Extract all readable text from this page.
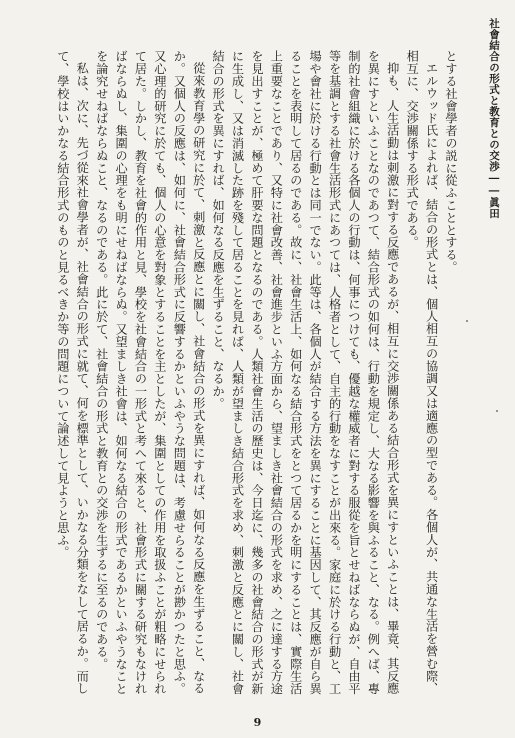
社會結合の形式と教育との交渉――眞田

とする社會學者の説に從ふこととする。

エルウッド氏によれば、結合の形式とは、個人相互の協調又は適應の型である。各個人が、共通な生活を營む際、相互に、交渉關係する形式である。

抑も、人生活動は刺激に對する反應であるが、相互に交渉關係ある結合形式を異にすといふことは、畢竟、其反應を異にすといふことなのであつて、結合形式の如何は、行動を規定し、大なる影響を與ふること、なる。例へば、專制的社會組織に於ける各個人の行動は、何事につけても、優越な權威者に對する服從を旨とせねばならぬが、自由平等を基調とする社會生活形式にあつては、人格者として、自主的行動をなすことが出來る。家庭に於ける行動と、工場や會社に於ける行動とは同一でない。此等は、各個人が結合する方法を異にすることに基因して、其反應が自ら異ることを表明して居るのである。故に、社會生活上、如何なる結合形式をとつて居るかを明にすることは、實際生活上重要なことであり、又特に社會改善、社會進步といふ方面から、望ましき社會結合の形式を求め、之に達する方途を見出すことが、極めて肝要な問題となるのである。人類社會生活の歷史は、今日迄に、幾多の社會結合の形式が新に生成し、又は消滅した跡を殘して居ることを見れば、人類が望ましき結合形式を求め、刺激と反應とに關し、社會結合の形式を異にすれば、如何なる反應を生ずること、なるか。

從來教育學の研究に於て、刺激と反應とに關し、社會結合の形式を異にすれば、如何なる反應を生ずること、なるか。又個人の反應は、如何に、社會結合形式に反響するかといふやうな問題は、考慮せらることが尠かつたと思ふ。又心理的研究に於ても、個人の心意を對象とすることを主としたが、集圍としての作用を取扱ふことが粗略にせられて居た。しかし、教育を社會的作用と見、學校を社會結合の一形式と考へて來ると、社會形式に關する研究もなければならぬし、集圍の心理をも明にせねばならぬ。又望ましき社會は、如何なる結合の形式であるかといふやうなことを論究せねばならぬこと、なるのである。此に於て、社會結合の形式と教育との交渉を生ずるに至るのである。

私は、次に、先づ從來社會學者が、社會結合の形式に就て、何を標準として、いかなる分類をなして居るか。而して、學校はいかなる結合形式のものと見るべきか等の問題について論述して見ようと思ふ。

9
